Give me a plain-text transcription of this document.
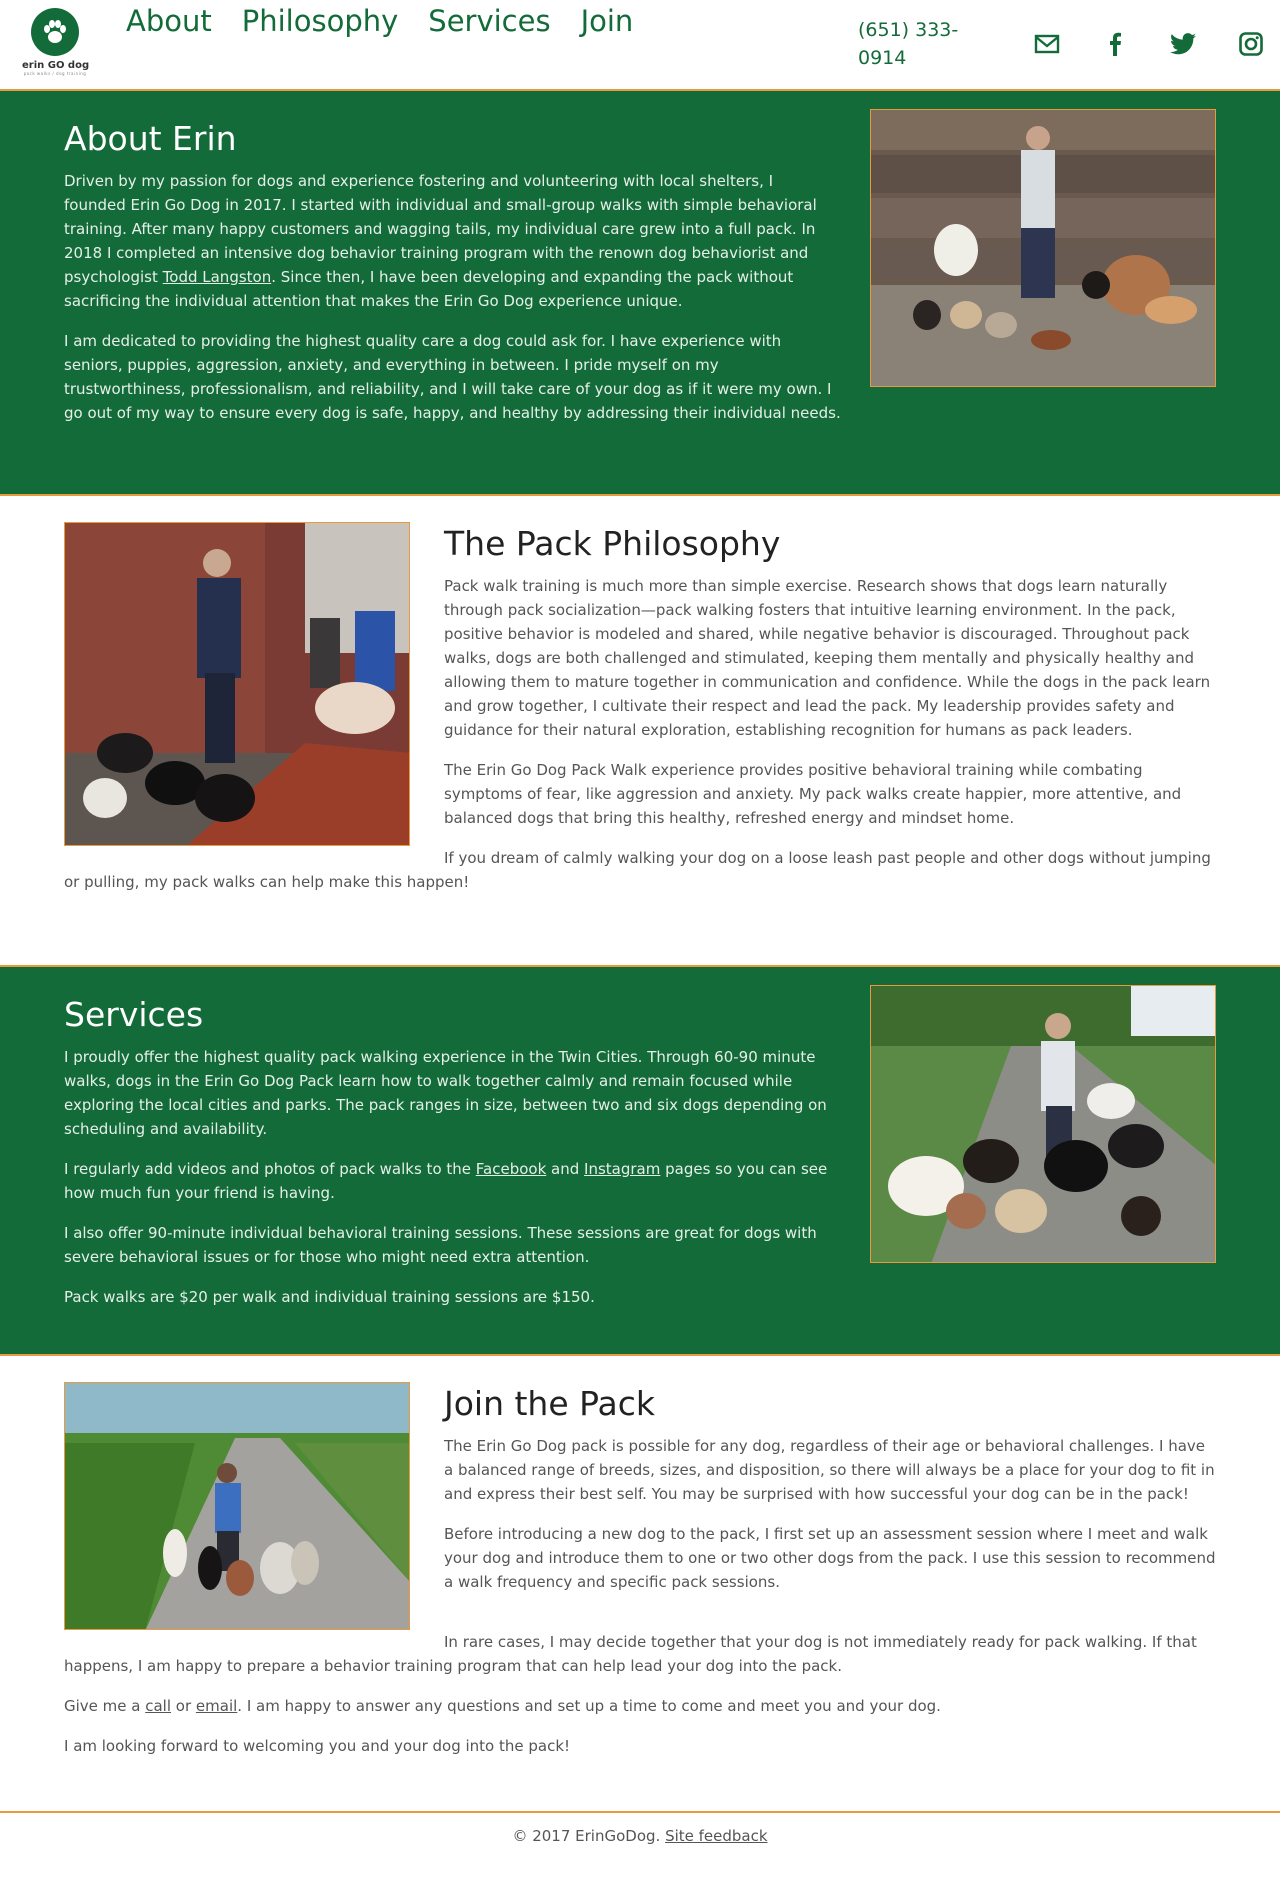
erin GO dog
pack walks / dog training
About Philosophy Services Join	(651) 333-0914
About Erin

Driven by my passion for dogs and experience fostering and volunteering with local shelters, I founded Erin Go Dog in 2017. I started with individual and small-group walks with simple behavioral training. After many happy customers and wagging tails, my individual care grew into a full pack. In 2018 I completed an intensive dog behavior training program with the renown dog behaviorist and psychologist Todd Langston. Since then, I have been developing and expanding the pack without sacrificing the individual attention that makes the Erin Go Dog experience unique.

I am dedicated to providing the highest quality care a dog could ask for. I have experience with seniors, puppies, aggression, anxiety, and everything in between. I pride myself on my trustworthiness, professionalism, and reliability, and I will take care of your dog as if it were my own. I go out of my way to ensure every dog is safe, happy, and healthy by addressing their individual needs.

The Pack Philosophy

Pack walk training is much more than simple exercise. Research shows that dogs learn naturally through pack socialization—pack walking fosters that intuitive learning environment. In the pack, positive behavior is modeled and shared, while negative behavior is discouraged. Throughout pack walks, dogs are both challenged and stimulated, keeping them mentally and physically healthy and allowing them to mature together in communication and confidence. While the dogs in the pack learn and grow together, I cultivate their respect and lead the pack. My leadership provides safety and guidance for their natural exploration, establishing recognition for humans as pack leaders.

The Erin Go Dog Pack Walk experience provides positive behavioral training while combating symptoms of fear, like aggression and anxiety. My pack walks create happier, more attentive, and balanced dogs that bring this healthy, refreshed energy and mindset home.

If you dream of calmly walking your dog on a loose leash past people and other dogs without jumping or pulling, my pack walks can help make this happen!

Services

I proudly offer the highest quality pack walking experience in the Twin Cities. Through 60-90 minute walks, dogs in the Erin Go Dog Pack learn how to walk together calmly and remain focused while exploring the local cities and parks. The pack ranges in size, between two and six dogs depending on scheduling and availability.

I regularly add videos and photos of pack walks to the Facebook and Instagram pages so you can see how much fun your friend is having.

I also offer 90-minute individual behavioral training sessions. These sessions are great for dogs with severe behavioral issues or for those who might need extra attention.

Pack walks are $20 per walk and individual training sessions are $150.

Join the Pack

The Erin Go Dog pack is possible for any dog, regardless of their age or behavioral challenges. I have a balanced range of breeds, sizes, and disposition, so there will always be a place for your dog to fit in and express their best self. You may be surprised with how successful your dog can be in the pack!

Before introducing a new dog to the pack, I first set up an assessment session where I meet and walk your dog and introduce them to one or two other dogs from the pack. I use this session to recommend a walk frequency and specific pack sessions.

In rare cases, I may decide together that your dog is not immediately ready for pack walking. If that happens, I am happy to prepare a behavior training program that can help lead your dog into the pack.

Give me a call or email. I am happy to answer any questions and set up a time to come and meet you and your dog.

I am looking forward to welcoming you and your dog into the pack!

© 2017 ErinGoDog. Site feedback
